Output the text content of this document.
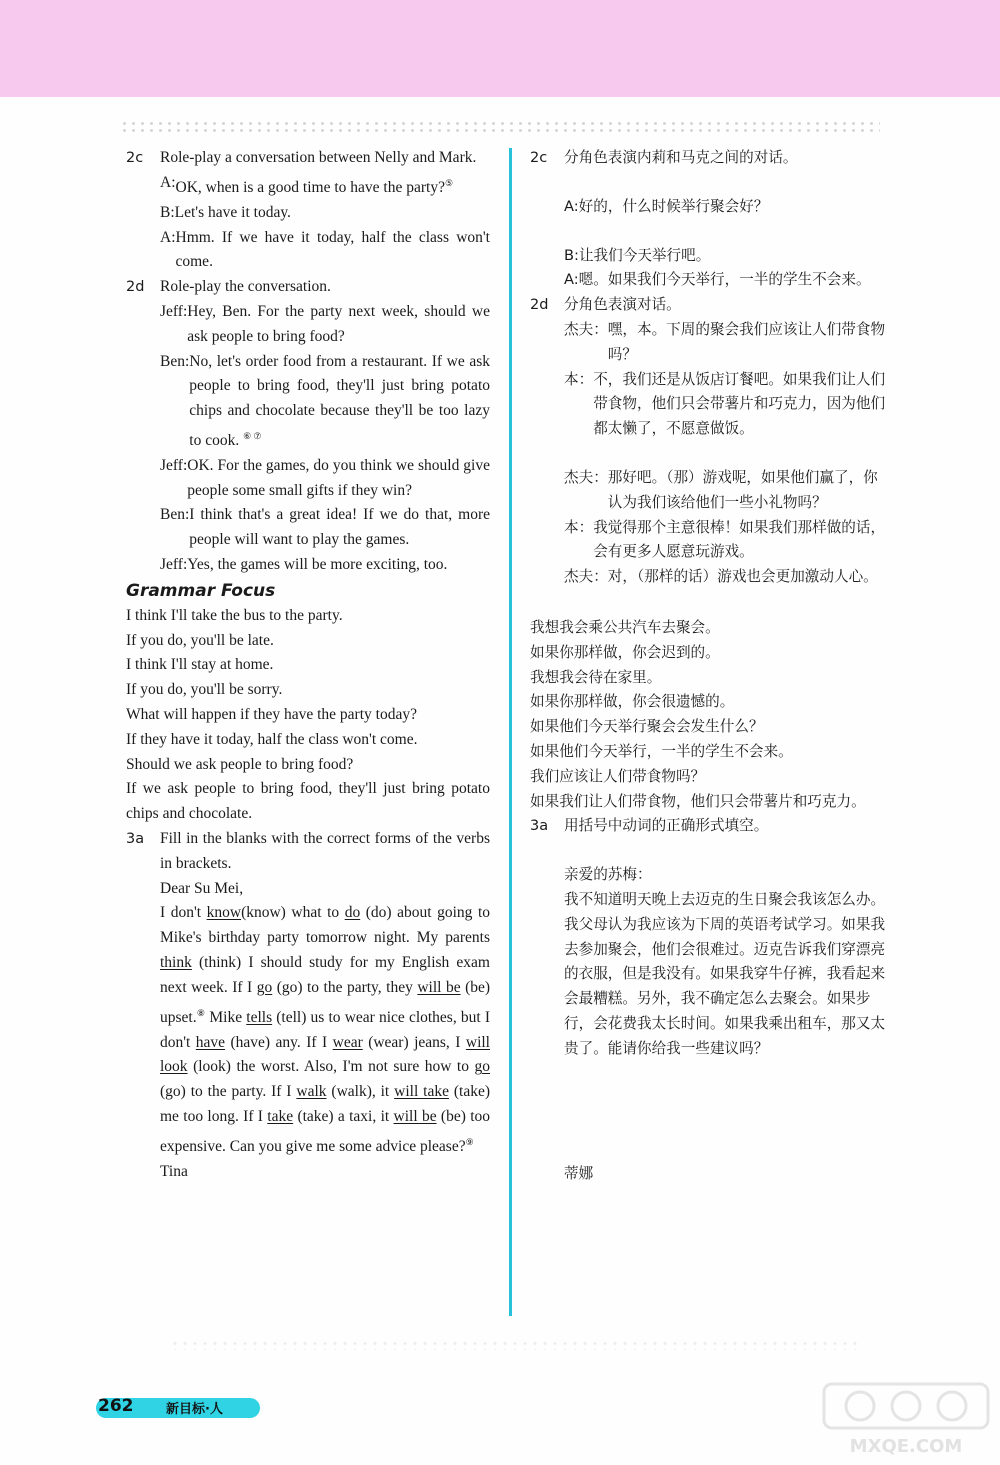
2c	Role-play a conversation between Nelly and Mark.
A: OK, when is a good time to have the party?⑤
B: Let's have it today.
A: Hmm. If we have it today, half the class won't come.
2d	Role-play the conversation.
Jeff: Hey, Ben. For the party next week, should we ask people to bring food?
Ben: No, let's order food from a restaurant. If we ask people to bring food, they'll just bring potato chips and chocolate because they'll be too lazy to cook. ⑥ ⑦
Jeff: OK. For the games, do you think we should give people some small gifts if they win?
Ben: I think that's a great idea! If we do that, more people will want to play the games.
Jeff: Yes, the games will be more exciting, too.
Grammar Focus
I think I'll take the bus to the party.
If you do, you'll be late.
I think I'll stay at home.
If you do, you'll be sorry.
What will happen if they have the party today?
If they have it today, half the class won't come.
Should we ask people to bring food?
If we ask people to bring food, they'll just bring potato chips and chocolate.
3a	Fill in the blanks with the correct forms of the verbs in brackets.
Dear Su Mei,
I don't know(know) what to do (do) about going to Mike's birthday party tomorrow night. My parents think (think) I should study for my English exam next week. If I go (go) to the party, they will be (be) upset.⑧ Mike tells (tell) us to wear nice clothes, but I don't have (have) any. If I wear (wear) jeans, I will look (look) the worst. Also, I'm not sure how to go (go) to the party. If I walk (walk), it will take (take) me too long. If I take (take) a taxi, it will be (be) too expensive. Can you give me some advice please?⑨
Tina
2c	分角色表演内莉和马克之间的对话。
A: 好的，什么时候举行聚会好？
B: 让我们今天举行吧。
A: 嗯。如果我们今天举行，一半的学生不会来。
2d	分角色表演对话。
杰夫： 嘿，本。下周的聚会我们应该让人们带食物吗？
本： 不，我们还是从饭店订餐吧。如果我们让人们带食物，他们只会带薯片和巧克力，因为他们都太懒了，不愿意做饭。
杰夫： 那好吧。（那）游戏呢，如果他们赢了，你认为我们该给他们一些小礼物吗？
本： 我觉得那个主意很棒！如果我们那样做的话，会有更多人愿意玩游戏。
杰夫： 对，（那样的话）游戏也会更加激动人心。
我想我会乘公共汽车去聚会。
如果你那样做，你会迟到的。
我想我会待在家里。
如果你那样做，你会很遗憾的。
如果他们今天举行聚会会发生什么？
如果他们今天举行，一半的学生不会来。
我们应该让人们带食物吗？
如果我们让人们带食物，他们只会带薯片和巧克力。
3a	用括号中动词的正确形式填空。
亲爱的苏梅：
我不知道明天晚上去迈克的生日聚会我该怎么办。我父母认为我应该为下周的英语考试学习。如果我去参加聚会，他们会很难过。迈克告诉我们穿漂亮的衣服，但是我没有。如果我穿牛仔裤，我看起来会最糟糕。另外，我不确定怎么去聚会。如果步行，会花费我太长时间。如果我乘出租车，那又太贵了。能请你给我一些建议吗？
蒂娜
262	新目标·人
MXQE.COM
